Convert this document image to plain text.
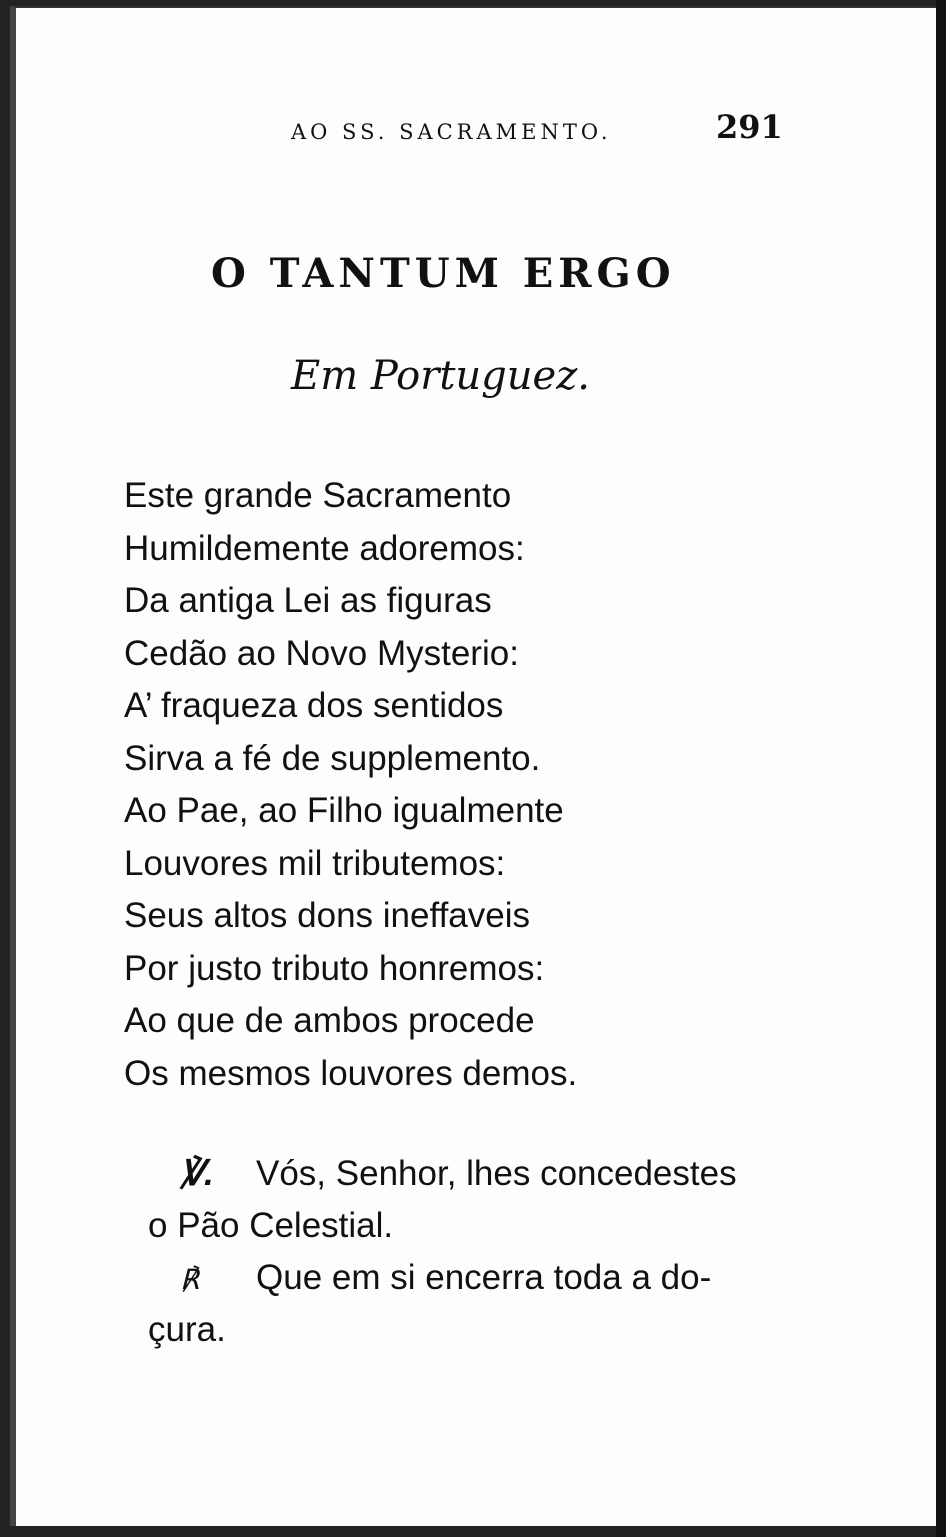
AO SS. SACRAMENTO.	291
O TANTUM ERGO
Em Portuguez.
Este grande Sacramento
Humildemente adoremos:
Da antiga Lei as figuras
Cedão ao Novo Mysterio:
A’ fraqueza dos sentidos
Sirva a fé de supplemento.
Ao Pae, ao Filho igualmente
Louvores mil tributemos:
Seus altos dons ineffaveis
Por justo tributo honremos:
Ao que de ambos procede
Os mesmos louvores demos.
℣. Vós, Senhor, lhes concedestes
o Pão Celestial.
℟ Que em si encerra toda a do-
çura.
